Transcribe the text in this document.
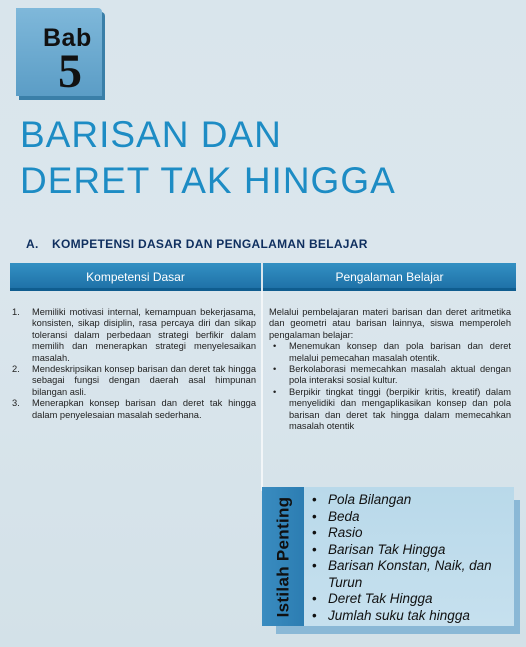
Bab
5
BARISAN DAN
DERET TAK HINGGA
A. KOMPETENSI DASAR DAN PENGALAMAN BELAJAR
Kompetensi Dasar	Pengalaman Belajar
1.	Memiliki motivasi internal, kemampuan bekerjasama, konsisten, sikap disiplin, rasa percaya diri dan sikap toleransi dalam perbedaan strategi berfikir dalam memilih dan menerapkan strategi menyelesaikan masalah.
2.	Mendeskripsikan konsep barisan dan deret tak hingga sebagai fungsi dengan daerah asal himpunan bilangan asli.
3.	Menerapkan konsep barisan dan deret tak hingga dalam penyelesaian masalah sederhana.

Melalui pembelajaran materi barisan dan deret aritmetika dan geometri atau barisan lainnya, siswa memperoleh pengalaman belajar:

•	Menemukan konsep dan pola barisan dan deret melalui pemecahan masalah otentik.
•	Berkolaborasi memecahkan masalah aktual dengan pola interaksi sosial kultur.
•	Berpikir tingkat tinggi (berpikir kritis, kreatif) dalam menyelidiki dan mengaplikasikan konsep dan pola barisan dan deret tak hingga dalam memecahkan masalah otentik
Istilah Penting • Pola Bilangan
• Beda
• Rasio
• Barisan Tak Hingga
• Barisan Konstan, Naik, dan Turun
• Deret Tak Hingga
• Jumlah suku tak hingga
